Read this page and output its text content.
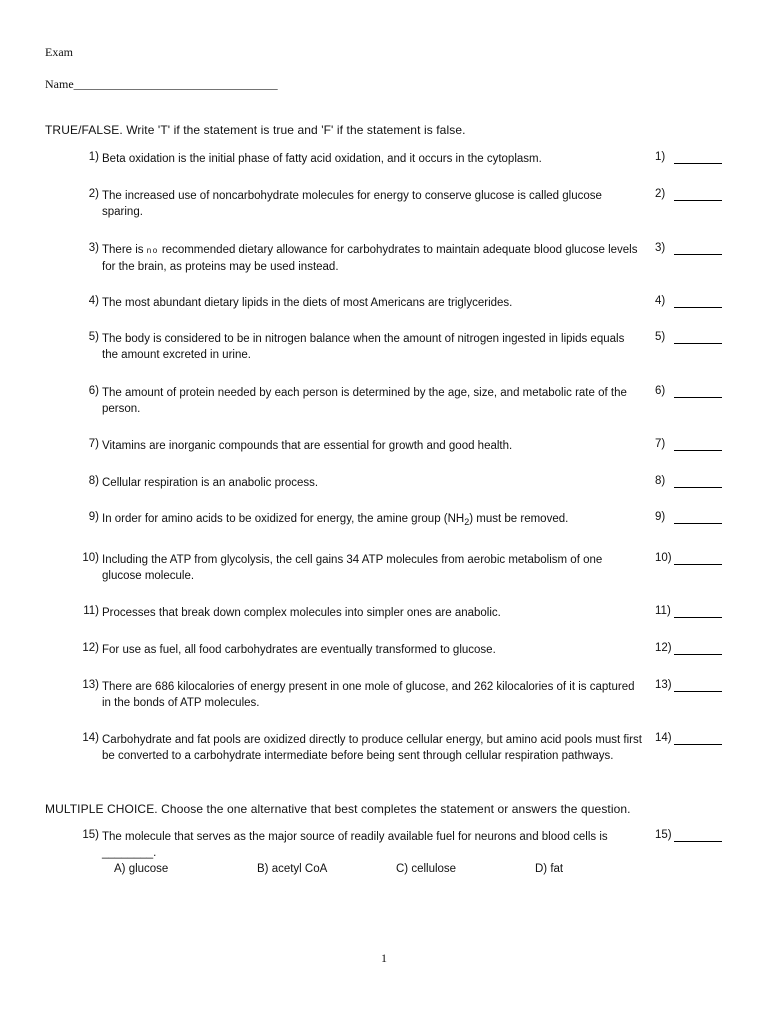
Exam
Name__________________________________
TRUE/FALSE. Write 'T' if the statement is true and 'F' if the statement is false.
1) Beta oxidation is the initial phase of fatty acid oxidation, and it occurs in the cytoplasm.	1)
2) The increased use of noncarbohydrate molecules for energy to conserve glucose is called glucose sparing.
2)
3) There is no recommended dietary allowance for carbohydrates to maintain adequate blood glucose levels for the brain, as proteins may be used instead.
3)
4) The most abundant dietary lipids in the diets of most Americans are triglycerides.	4)
5) The body is considered to be in nitrogen balance when the amount of nitrogen ingested in lipids equals the amount excreted in urine.
5)
6) The amount of protein needed by each person is determined by the age, size, and metabolic rate of the person.
6)
7) Vitamins are inorganic compounds that are essential for growth and good health.	7)
8) Cellular respiration is an anabolic process.	8)
9) In order for amino acids to be oxidized for energy, the amine group $(NH_2)$ must be removed.	9)
10) Including the ATP from glycolysis, the cell gains 34 ATP molecules from aerobic metabolism of one glucose molecule.
10)
11) Processes that break down complex molecules into simpler ones are anabolic.	11)
12) For use as fuel, all food carbohydrates are eventually transformed to glucose.	12)
13) There are 686 kilocalories of energy present in one mole of glucose, and 262 kilocalories of it is captured in the bonds of ATP molecules.
13)
14) Carbohydrate and fat pools are oxidized directly to produce cellular energy, but amino acid pools must first be converted to a carbohydrate intermediate before being sent through cellular respiration pathways.
14)
MULTIPLE CHOICE. Choose the one alternative that best completes the statement or answers the question.
15) The molecule that serves as the major source of readily available fuel for neurons and blood cells is ________.
15)
A) glucose	B) acetyl CoA	C) cellulose	D) fat
1
